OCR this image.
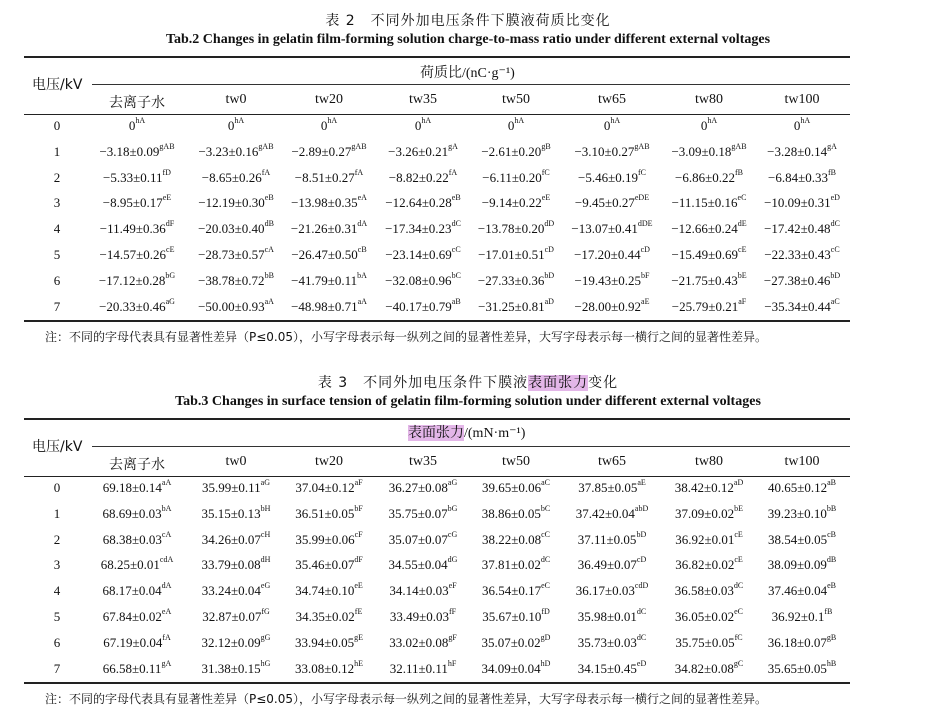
表 2　不同外加电压条件下膜液荷质比变化
Tab.2 Changes in gelatin film-forming solution charge-to-mass ratio under different external voltages
电压/kV
荷质比/(nC·g⁻¹)
去离子水	tw0	tw20	tw35	tw50	tw65	tw80	tw100
0	$0^{hA}$	$0^{hA}$	$0^{hA}$	$0^{hA}$	$0^{hA}$	$0^{hA}$	$0^{hA}$	$0^{hA}$
1	$-3.18\pm 0.09^{gAB} -3.23\pm 0.16^{gAB} -2.89\pm 0.27^{gAB} -3.26\pm 0.21^{gA} -2.61\pm 0.20^{gB} -3.10\pm 0.27^{gAB} -3.09\pm 0.18^{gAB} -3.28\pm 0.14^{gA}$
2	$-5.33\pm 0.11^{fD} -8.65\pm 0.26^{fA} -8.51\pm 0.27^{fA} -8.82\pm 0.22^{fA} -6.11\pm 0.20^{fC} -5.46\pm 0.19^{fC} -6.86\pm 0.22^{fB} -6.84\pm 0.33^{fB}$
3	$-8.95\pm 0.17^{eE} -12.19\pm 0.30^{eB} -13.98\pm 0.35^{eA} -12.64\pm 0.28^{eB} -9.14\pm 0.22^{eE} -9.45\pm 0.27^{eDE} -11.15\pm 0.16^{eC} -10.09\pm 0.31^{eD}$
4	$-11.49\pm 0.36^{dF} -20.03\pm 0.40^{dB} -21.26\pm 0.31^{dA} -17.34\pm 0.23^{dC} -13.78\pm 0.20^{dD} -13.07\pm 0.41^{dDE} -12.66\pm 0.24dE -17.42\pm 0.48^{dC}$
5	$-14.57\pm 0.26^{cE} -28.73\pm 0.57^{cA} -26.47\pm 0.50^{cB} -23.14\pm 0.69^{cC} -17.01\pm 0.51^{cD} -17.20\pm 0.44^{cD} -15.49\pm 0.69^{cE} -22.33\pm 0.43^{cC}$
6	$-17.12\pm 0.28^{bG} -38.78\pm 0.72^{bB} -41.79\pm 0.11^{bA} -32.08\pm 0.96^{bC} -27.33\pm 0.36^{bD} -19.43\pm 0.25^{bF} -21.75\pm 0.43^{bE} -27.38\pm 0.46^{bD}$
7	$-20.33\pm 0.46^{aG} -50.00\pm 0.93^{aA} -48.98\pm 0.71^{aA} -40.17\pm 0.79^{aB} -31.25\pm 0.81^{aD} -28.00\pm 0.92^{aE} -25.79\pm 0.21^{aF} -35.34\pm 0.44^{aC}$
注：不同的字母代表具有显著性差异（P≤0.05），小写字母表示每一纵列之间的显著性差异，大写字母表示每一横行之间的显著性差异。
表 3　不同外加电压条件下膜液表面张力变化
Tab.3 Changes in surface tension of gelatin film-forming solution under different external voltages
电压/kV
表面张力/(mN·m⁻¹)
去离子水	tw0	tw20	tw35	tw50	tw65	tw80	tw100
0	$69.18\pm 0.14^{aA}$ $35.99\pm 0.11^{aG}$ $37.04\pm 0.12^{aF}$ $36.27\pm 0.08^{aG}$ $39.65\pm 0.06^{aC}$ $37.85\pm 0.05^{aE}$ $38.42\pm 0.12^{aD}$ $40.65\pm 0.12^{aB}$
1	$68.69\pm 0.03^{bA}$ $35.15\pm 0.13^{bH}$ $36.51\pm 0.05^{bF}$ $35.75\pm 0.07^{bG}$ $38.86\pm 0.05^{bC}$ $37.42\pm 0.04^{abD}$ $37.09\pm 0.02^{bE}$ $39.23\pm 0.10^{bB}$
2	$68.38\pm 0.03^{cA}$ $34.26\pm 0.07^{cH}$ $35.99\pm 0.06^{cF}$ $35.07\pm 0.07^{cG}$ $38.22\pm 0.08^{cC}$ $37.11\pm 0.05^{bD}$ $36.92\pm 0.01^{cE}$ $38.54\pm 0.05^{cB}$
3	$68.25\pm 0.01^{cdA}$ $33.79\pm 0.08^{dH}$ $35.46\pm 0.07^{dF}$ $34.55\pm 0.04^{dG}$ $37.81\pm 0.02^{dC}$ $36.49\pm 0.07^{cD}$ $36.82\pm 0.02^{cE}$ $38.09\pm 0.09^{dB}$
4	$68.17\pm 0.04^{dA}$ $33.24\pm 0.04^{eG}$ $34.74\pm 0.10^{eE}$ $34.14\pm 0.03^{eF}$ $36.54\pm 0.17^{eC}$ $36.17\pm 0.03^{cdD}$ $36.58\pm 0.03^{dC}$ $37.46\pm 0.04^{eB}$
5	$67.84\pm 0.02^{eA}$ $32.87\pm 0.07^{fG}$ $34.35\pm 0.02^{fE}$ $33.49\pm 0.03^{fF}$ $35.67\pm 0.10^{fD}$ $35.98\pm 0.01^{dC}$ $36.05\pm 0.02^{eC}$ $36.92\pm 0.1^{fB}$
6	$67.19\pm 0.04^{fA}$ $32.12\pm 0.09^{gG}$ $33.94\pm 0.05^{gE}$ $33.02\pm 0.08^{gF}$ $35.07\pm 0.02^{gD}$ $35.73\pm 0.03^{dC}$ $35.75\pm 0.05^{fC}$ $36.18\pm 0.07^{gB}$
7	$66.58\pm 0.11^{gA}$ $31.38\pm 0.15^{hG}$ $33.08\pm 0.12^{hE}$ $32.11\pm 0.11^{hF}$ $34.09\pm 0.04^{hD}$ $34.15\pm 0.45^{eD}$ $34.82\pm 0.08^{gC}$ $35.65\pm 0.05^{hB}$
注：不同的字母代表具有显著性差异（P≤0.05），小写字母表示每一纵列之间的显著性差异，大写字母表示每一横行之间的显著性差异。
